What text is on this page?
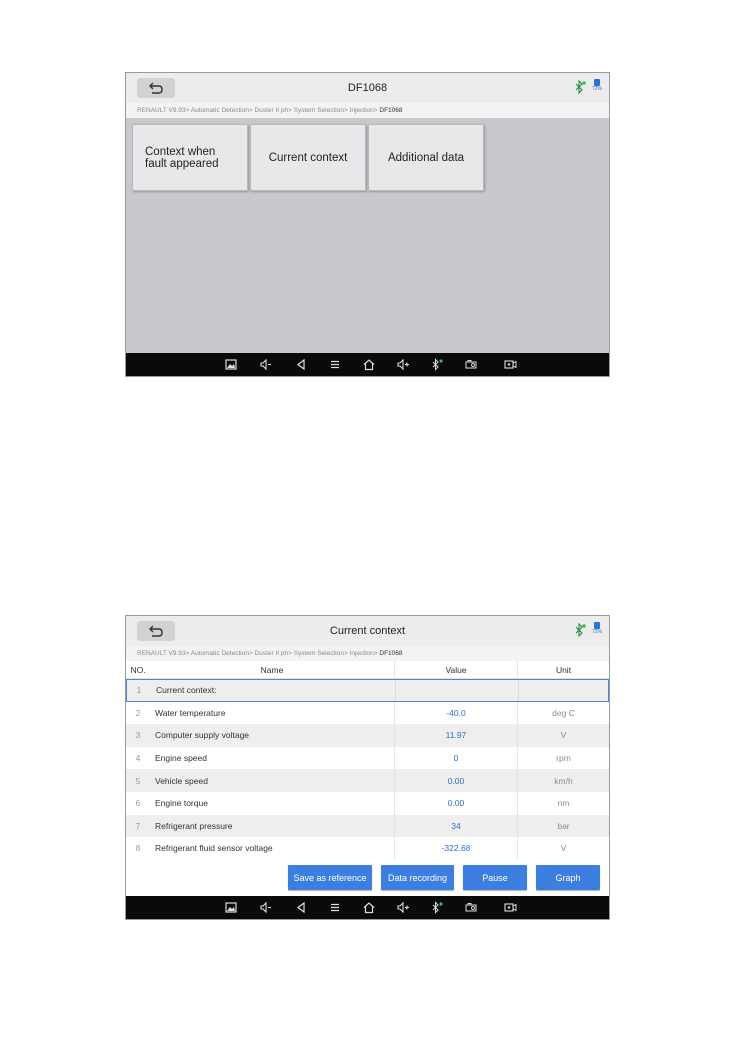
DF1068	72%
RENAULT V9.93> Automatic Detection> Duster II ph> System Selection> Injection> DF1068
Context when
fault appeared	Current context	Additional data
Current context	72%
RENAULT V9.93> Automatic Detection> Duster II ph> System Selection> Injection> DF1068
NO.	Name	Value	Unit
1	Current context:
2	Water temperature	-40.0	deg C
3	Computer supply voltage	11.97	V
4	Engine speed	0	rpm
5	Vehicle speed	0.00	km/h
6	Engine torque	0.00	nm
7	Refrigerant pressure	34	bar
8	Refrigerant fluid sensor voltage	-322.68	V
Save as reference	Data recording	Pause	Graph
